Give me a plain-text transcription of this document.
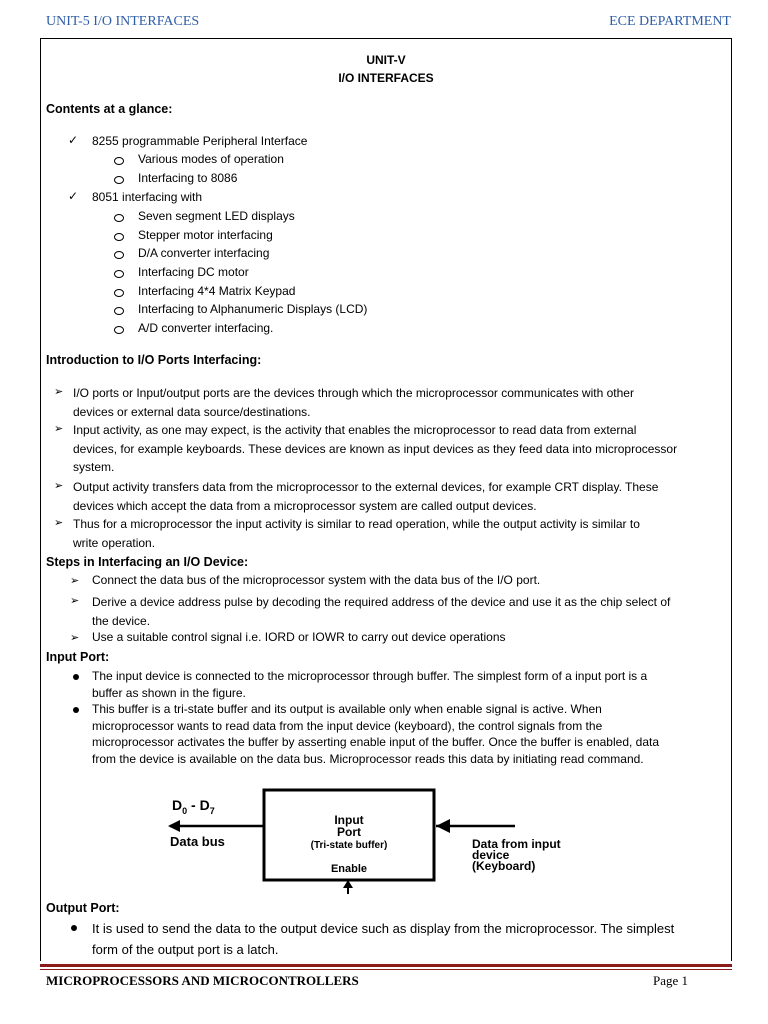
UNIT-5 I/O INTERFACES	ECE DEPARTMENT
UNIT-V
I/O INTERFACES
Contents at a glance:
✓ 8255 programmable Peripheral Interface
Various modes of operation
Interfacing to 8086
✓ 8051 interfacing with
Seven segment LED displays
Stepper motor interfacing
D/A converter interfacing
Interfacing DC motor
Interfacing 4*4 Matrix Keypad
Interfacing to Alphanumeric Displays (LCD)
A/D converter interfacing.
Introduction to I/O Ports Interfacing:
➢ I/O ports or Input/output ports are the devices through which the microprocessor communicates with other
devices or external data source/destinations.
➢ Input activity, as one may expect, is the activity that enables the microprocessor to read data from external
devices, for example keyboards. These devices are known as input devices as they feed data into microprocessor
system.
➢ Output activity transfers data from the microprocessor to the external devices, for example CRT display. These
devices which accept the data from a microprocessor system are called output devices.
➢ Thus for a microprocessor the input activity is similar to read operation, while the output activity is similar to
write operation.
Steps in Interfacing an I/O Device:
➢ Connect the data bus of the microprocessor system with the data bus of the I/O port.
➢ Derive a device address pulse by decoding the required address of the device and use it as the chip select of
the device.
➢ Use a suitable control signal i.e. IORD or IOWR to carry out device operations
Input Port:
The input device is connected to the microprocessor through buffer. The simplest form of a input port is a
buffer as shown in the figure.
This buffer is a tri-state buffer and its output is available only when enable signal is active. When
microprocessor wants to read data from the input device (keyboard), the control signals from the
microprocessor activates the buffer by asserting enable input of the buffer. Once the buffer is enabled, data
from the device is available on the data bus. Microprocessor reads this data by initiating read command.
$D_0 - D_7$
Data bus
Input
Port
(Tri-state buffer)
Enable
Data from input
device
(Keyboard)
Output Port:
It is used to send the data to the output device such as display from the microprocessor. The simplest
form of the output port is a latch.
MICROPROCESSORS AND MICROCONTROLLERS	Page 1
